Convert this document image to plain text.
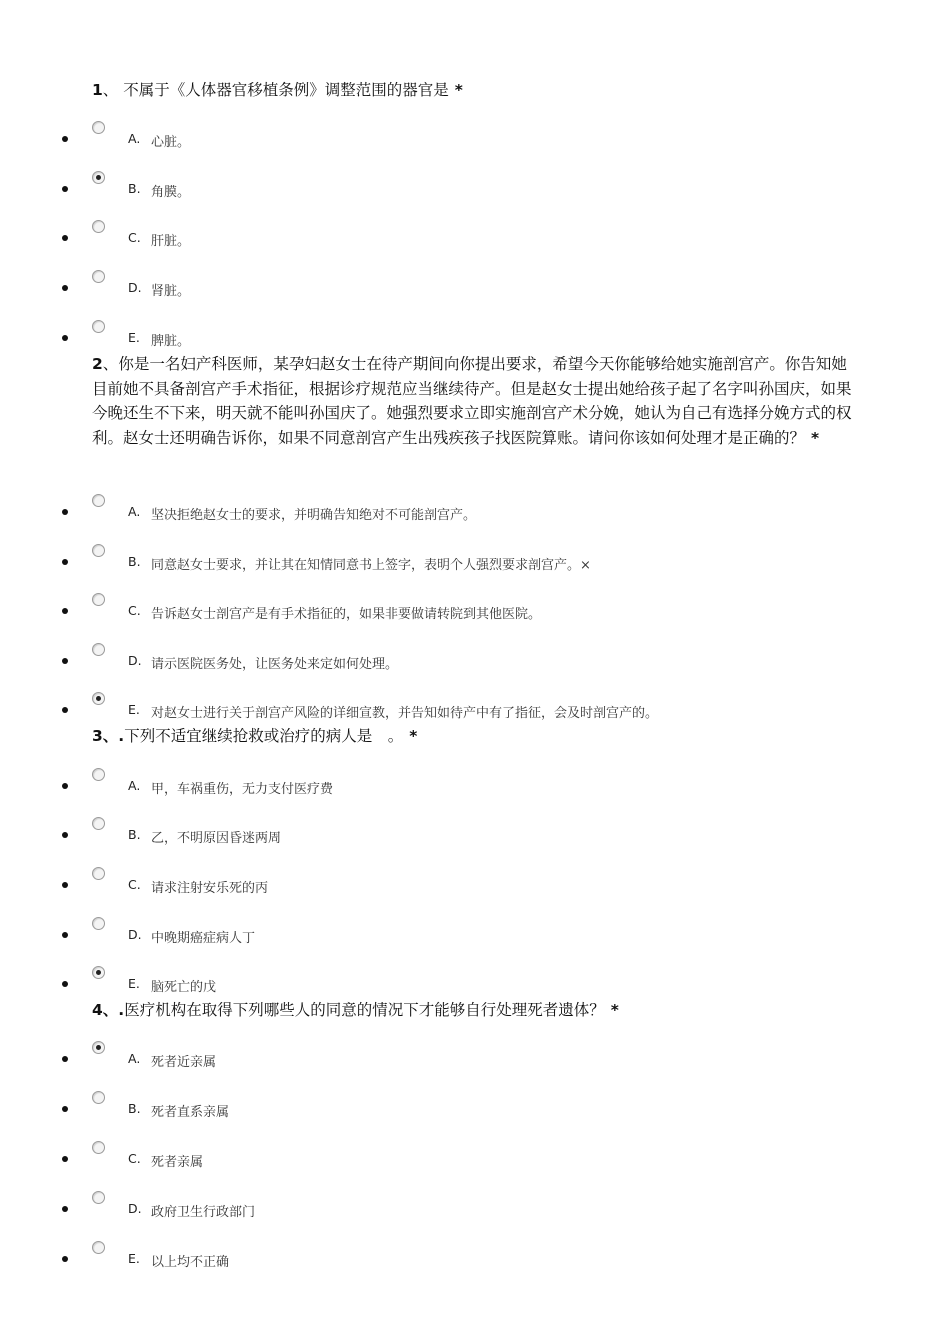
1、 不属于《人体器官移植条例》调整范围的器官是 *
A. 心脏。
B. 角膜。
C. 肝脏。
D. 肾脏。
E. 脾脏。
2、你是一名妇产科医师，某孕妇赵女士在待产期间向你提出要求，希望今天你能够给她实施剖宫产。你告知她目前她不具备剖宫产手术指征，根据诊疗规范应当继续待产。但是赵女士提出她给孩子起了名字叫孙国庆，如果今晚还生不下来，明天就不能叫孙国庆了。她强烈要求立即实施剖宫产术分娩，她认为自己有选择分娩方式的权利。赵女士还明确告诉你，如果不同意剖宫产生出残疾孩子找医院算账。请问你该如何处理才是正确的？ *
A. 坚决拒绝赵女士的要求，并明确告知绝对不可能剖宫产。
B. 同意赵女士要求，并让其在知情同意书上签字，表明个人强烈要求剖宫产。×
C. 告诉赵女士剖宫产是有手术指征的，如果非要做请转院到其他医院。
D. 请示医院医务处，让医务处来定如何处理。
E. 对赵女士进行关于剖宫产风险的详细宣教，并告知如待产中有了指征，会及时剖宫产的。
3、.下列不适宜继续抢救或治疗的病人是　。 *
A. 甲，车祸重伤，无力支付医疗费
B. 乙，不明原因昏迷两周
C. 请求注射安乐死的丙
D. 中晚期癌症病人丁
E. 脑死亡的戊
4、.医疗机构在取得下列哪些人的同意的情况下才能够自行处理死者遗体？ *
A. 死者近亲属
B. 死者直系亲属
C. 死者亲属
D. 政府卫生行政部门
E. 以上均不正确
